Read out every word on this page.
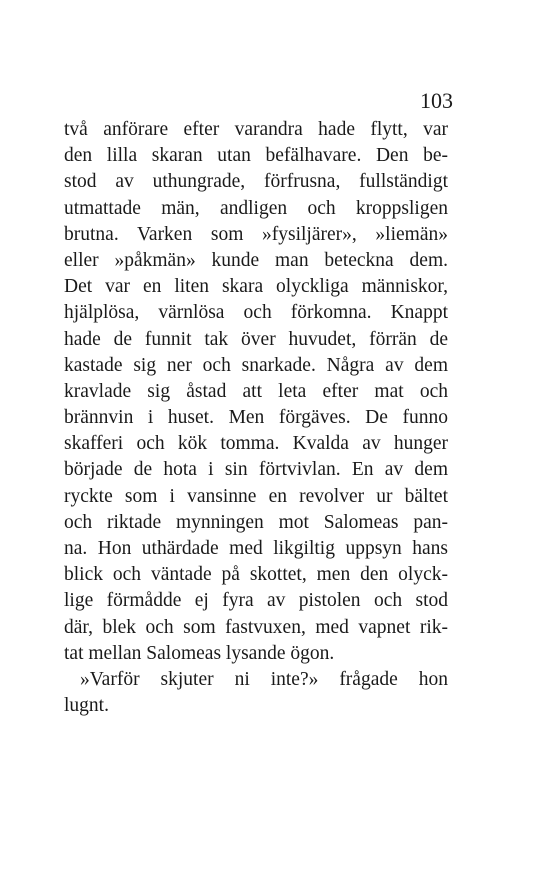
103
två anförare efter varandra hade flytt, var
den lilla skaran utan befälhavare. Den be-
stod av uthungrade, förfrusna, fullständigt
utmattade män, andligen och kroppsligen
brutna. Varken som »fysiljärer», »liemän»
eller »påkmän» kunde man beteckna dem.
Det var en liten skara olyckliga människor,
hjälplösa, värnlösa och förkomna. Knappt
hade de funnit tak över huvudet, förrän de
kastade sig ner och snarkade. Några av dem
kravlade sig åstad att leta efter mat och
brännvin i huset. Men förgäves. De funno
skafferi och kök tomma. Kvalda av hunger
började de hota i sin förtvivlan. En av dem
ryckte som i vansinne en revolver ur bältet
och riktade mynningen mot Salomeas pan-
na. Hon uthärdade med likgiltig uppsyn hans
blick och väntade på skottet, men den olyck-
lige förmådde ej fyra av pistolen och stod
där, blek och som fastvuxen, med vapnet rik-
tat mellan Salomeas lysande ögon.
»Varför skjuter ni inte?» frågade hon
lugnt.
